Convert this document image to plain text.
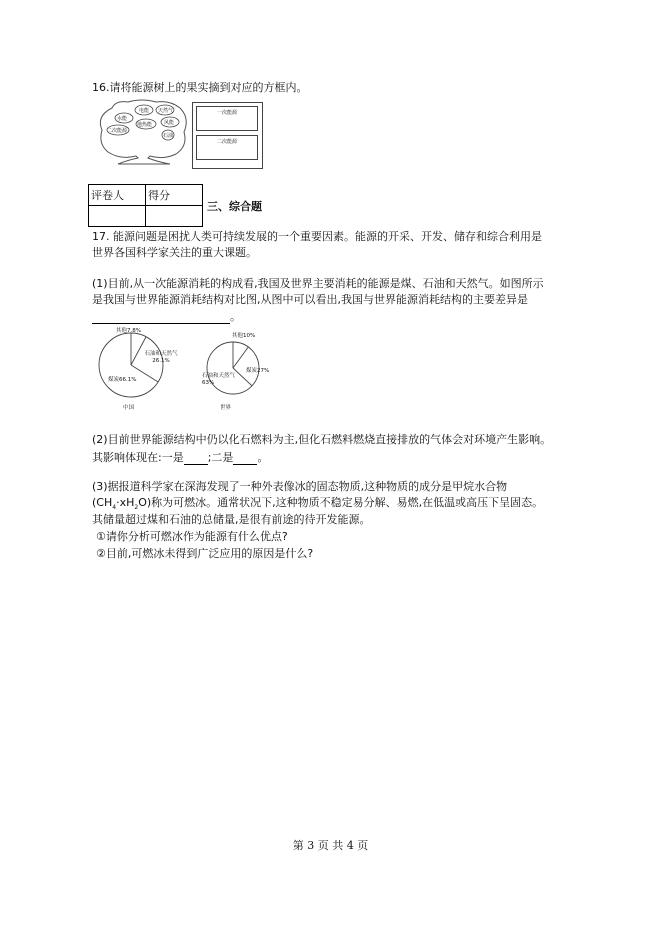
16.请将能源树上的果实摘到对应的方框内。
水能
电能 天然气
二次能源
地热能 风能
石油
一次能源
二次能源
评卷人	得分

三、综合题
17. 能源问题是困扰人类可持续发展的一个重要因素。能源的开采、开发、储存和综合利用是
世界各国科学家关注的重大课题。
(1)目前,从一次能源消耗的构成看,我国及世界主要消耗的能源是煤、石油和天然气。如图所示
是我国与世界能源消耗结构对比图,从图中可以看出,我国与世界能源消耗结构的主要差异是
。
其他7.8%
石油和天然气26.1%
煤炭66.1%
中国
其他10%
煤炭27%
石油和天然气63%
世界
(2)目前世界能源结构中仍以化石燃料为主,但化石燃料燃烧直接排放的气体会对环境产生影响。
其影响体现在:一是 ;二是 。
(3)据报道科学家在深海发现了一种外表像冰的固态物质,这种物质的成分是甲烷水合物
$(CH_4\cdot xH_2O)$称为可燃冰。通常状况下,这种物质不稳定易分解、易燃,在低温或高压下呈固态。
其储量超过煤和石油的总储量,是很有前途的待开发能源。
①请你分析可燃冰作为能源有什么优点?
②目前,可燃冰未得到广泛应用的原因是什么?
第 3 页 共 4 页
